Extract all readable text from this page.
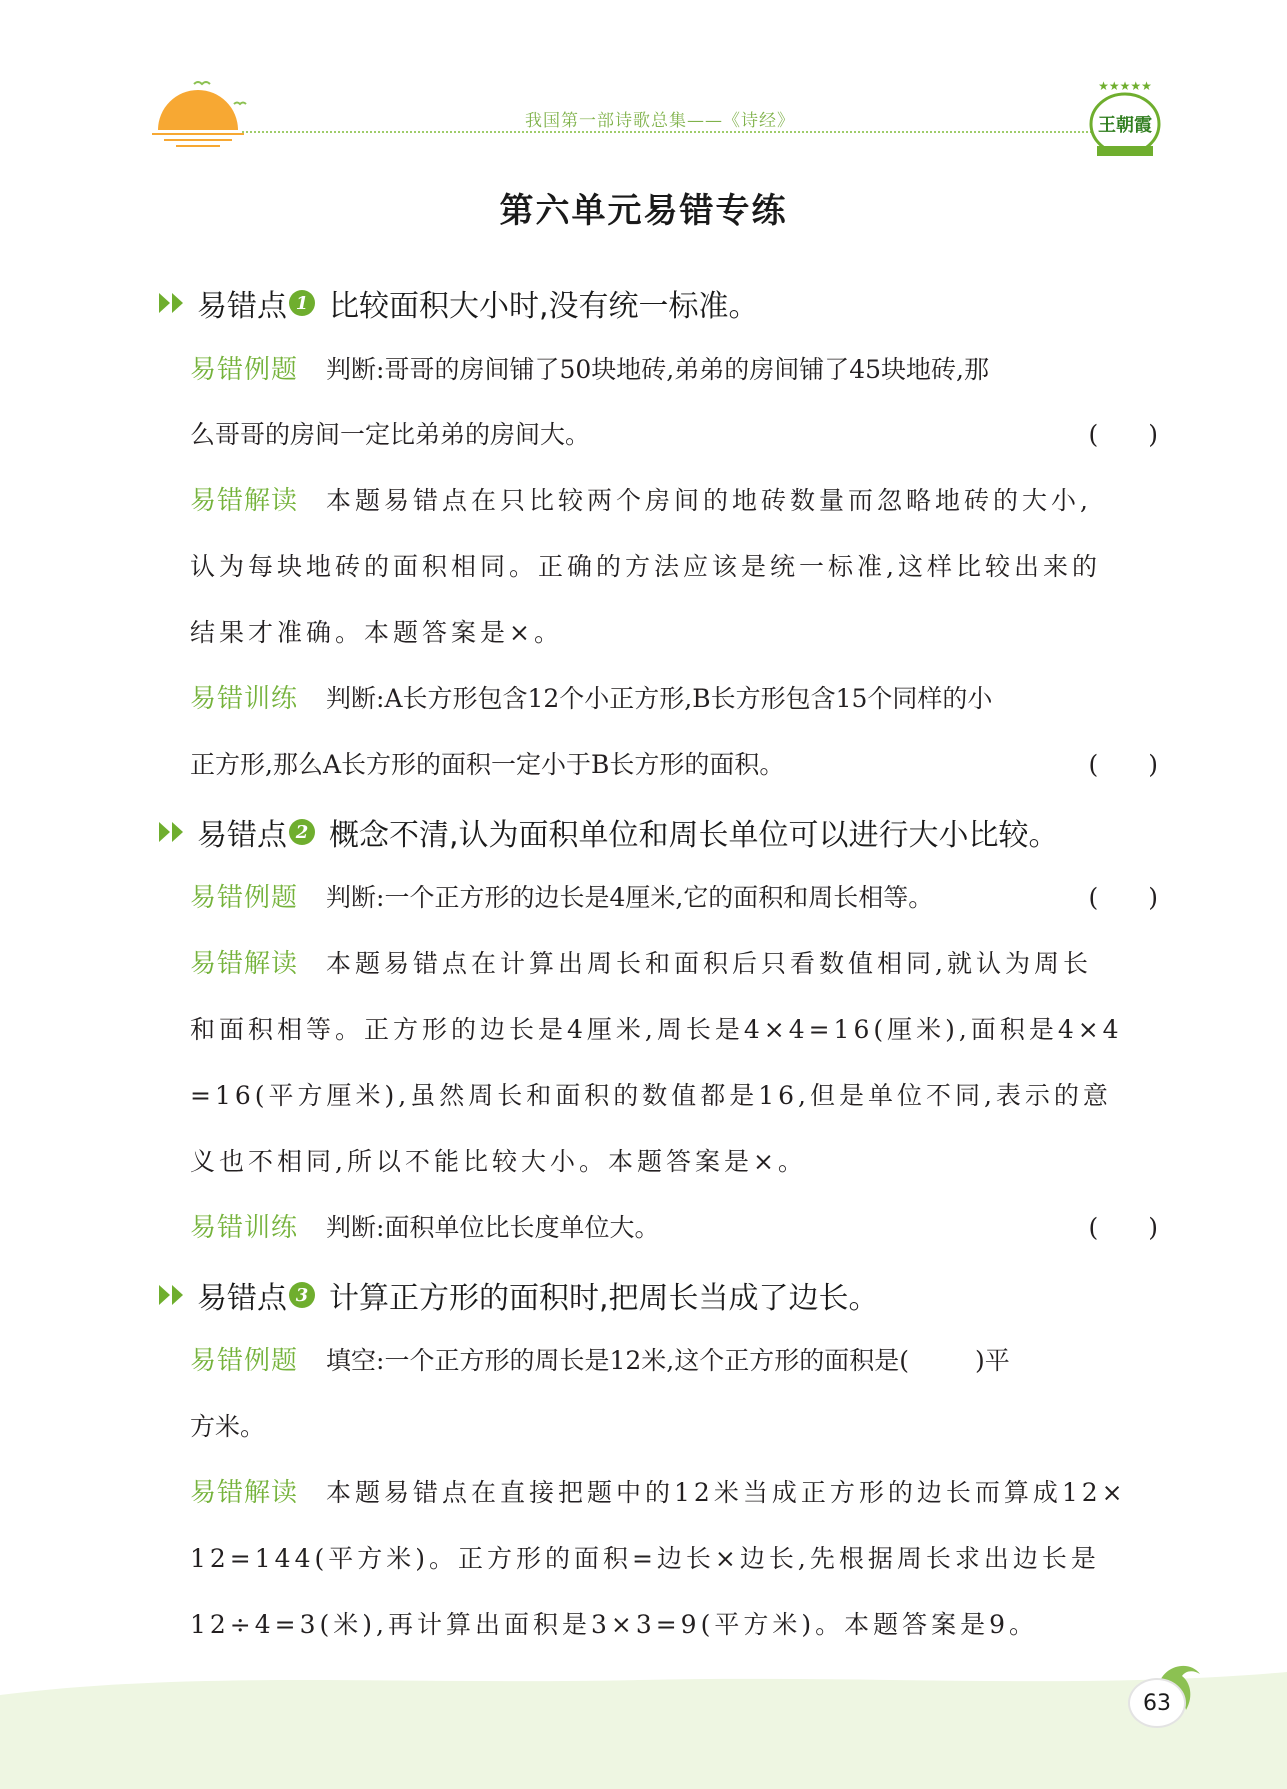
我国第一部诗歌总集——《诗经》
★★★★★
王朝霞
第六单元易错专练
易错点 1 比较面积大小时,没有统一标准。
易错例题 判断:哥哥的房间铺了50块地砖,弟弟的房间铺了45块地砖,那
么哥哥的房间一定比弟弟的房间大。	( )
易错解读 本题易错点在只比较两个房间的地砖数量而忽略地砖的大小,
认为每块地砖的面积相同。正确的方法应该是统一标准,这样比较出来的
结果才准确。本题答案是×。
易错训练 判断:A长方形包含12个小正方形,B长方形包含15个同样的小
正方形,那么A长方形的面积一定小于B长方形的面积。	( )
易错点 2 概念不清,认为面积单位和周长单位可以进行大小比较。
易错例题 判断:一个正方形的边长是4厘米,它的面积和周长相等。	( )
易错解读 本题易错点在计算出周长和面积后只看数值相同,就认为周长
和面积相等。正方形的边长是4厘米,周长是4×4=16(厘米),面积是4×4
=16(平方厘米),虽然周长和面积的数值都是16,但是单位不同,表示的意
义也不相同,所以不能比较大小。本题答案是×。
易错训练 判断:面积单位比长度单位大。	( )
易错点 3 计算正方形的面积时,把周长当成了边长。
易错例题 填空:一个正方形的周长是12米,这个正方形的面积是(	)平
方米。
易错解读 本题易错点在直接把题中的12米当成正方形的边长而算成12×
12=144(平方米)。正方形的面积=边长×边长,先根据周长求出边长是
12÷4=3(米),再计算出面积是3×3=9(平方米)。本题答案是9。
63
